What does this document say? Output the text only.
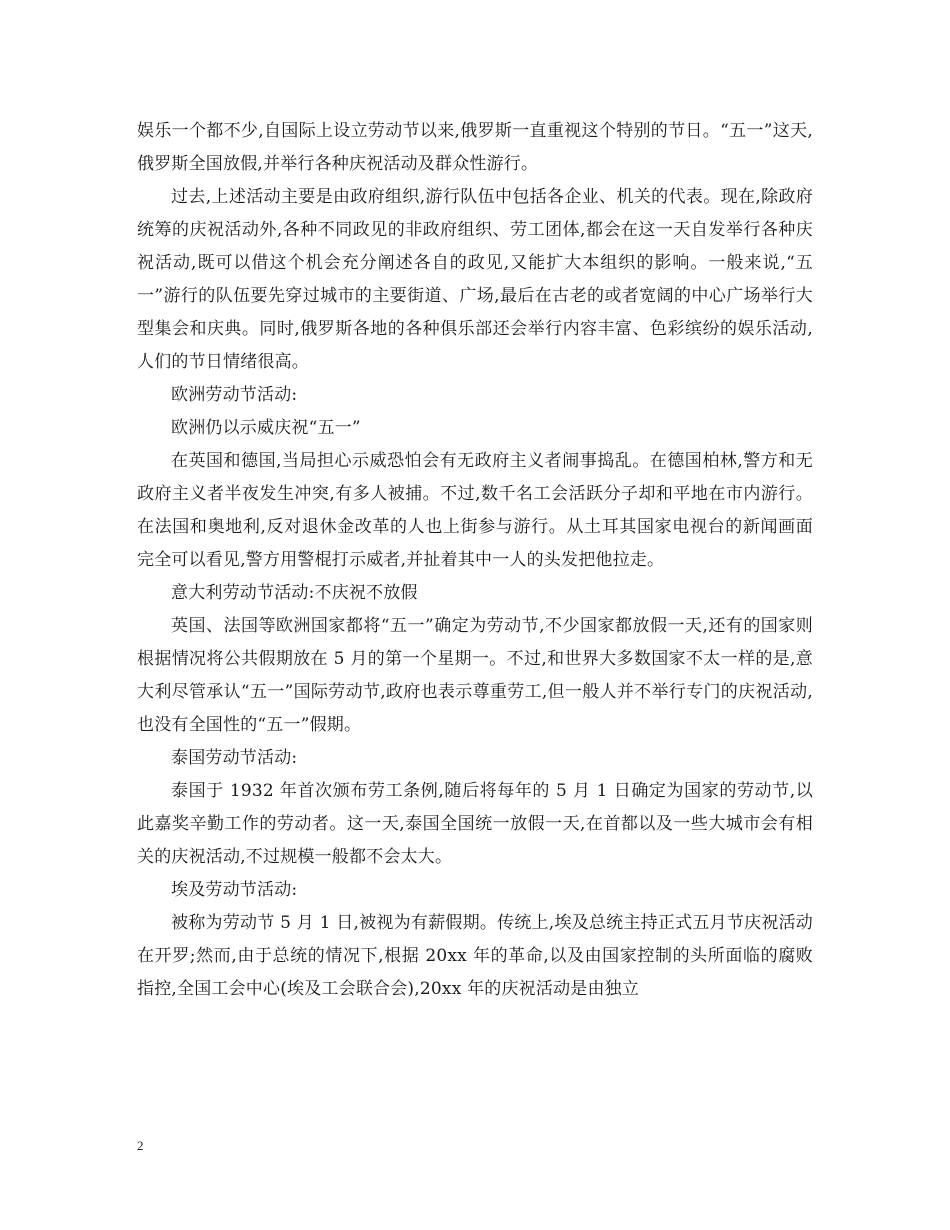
娱乐一个都不少,自国际上设立劳动节以来,俄罗斯一直重视这个特别的节日。“五一”这天,俄罗斯全国放假,并举行各种庆祝活动及群众性游行。

过去,上述活动主要是由政府组织,游行队伍中包括各企业、机关的代表。现在,除政府统筹的庆祝活动外,各种不同政见的非政府组织、劳工团体,都会在这一天自发举行各种庆祝活动,既可以借这个机会充分阐述各自的政见,又能扩大本组织的影响。一般来说,“五一”游行的队伍要先穿过城市的主要街道、广场,最后在古老的或者宽阔的中心广场举行大型集会和庆典。同时,俄罗斯各地的各种俱乐部还会举行内容丰富、色彩缤纷的娱乐活动,人们的节日情绪很高。

欧洲劳动节活动:

欧洲仍以示威庆祝“五一”

在英国和德国,当局担心示威恐怕会有无政府主义者闹事捣乱。在德国柏林,警方和无政府主义者半夜发生冲突,有多人被捕。不过,数千名工会活跃分子却和平地在市内游行。在法国和奥地利,反对退休金改革的人也上街参与游行。从土耳其国家电视台的新闻画面完全可以看见,警方用警棍打示威者,并扯着其中一人的头发把他拉走。

意大利劳动节活动:不庆祝不放假

英国、法国等欧洲国家都将“五一”确定为劳动节,不少国家都放假一天,还有的国家则根据情况将公共假期放在 5 月的第一个星期一。不过,和世界大多数国家不太一样的是,意大利尽管承认“五一”国际劳动节,政府也表示尊重劳工,但一般人并不举行专门的庆祝活动,也没有全国性的“五一”假期。

泰国劳动节活动:

泰国于 1932 年首次颁布劳工条例,随后将每年的 5 月 1 日确定为国家的劳动节,以此嘉奖辛勤工作的劳动者。这一天,泰国全国统一放假一天,在首都以及一些大城市会有相关的庆祝活动,不过规模一般都不会太大。

埃及劳动节活动:

被称为劳动节 5 月 1 日,被视为有薪假期。传统上,埃及总统主持正式五月节庆祝活动在开罗;然而,由于总统的情况下,根据 20xx 年的革命,以及由国家控制的头所面临的腐败指控,全国工会中心(埃及工会联合会),20xx 年的庆祝活动是由独立

2
